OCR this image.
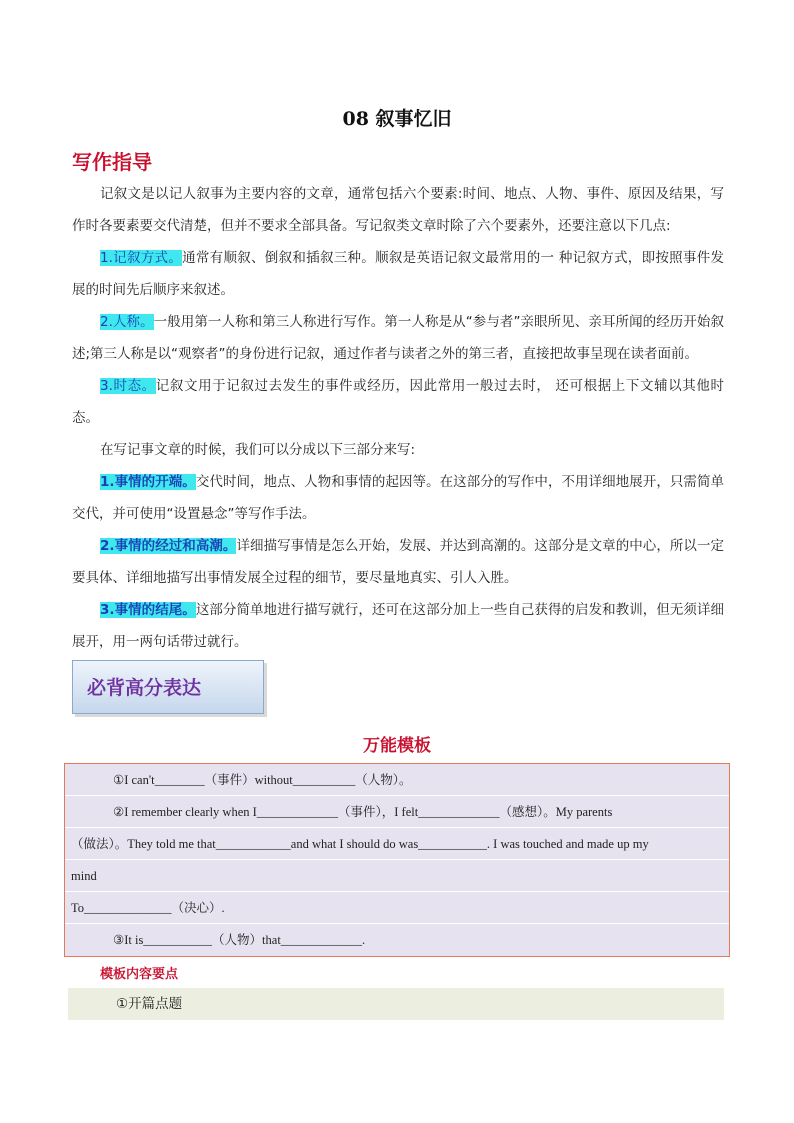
08 叙事忆旧
写作指导
记叙文是以记人叙事为主要内容的文章，通常包括六个要素:时间、地点、人物、事件、原因及结果，写作时各要素要交代清楚，但并不要求全部具备。写记叙类文章时除了六个要素外，还要注意以下几点:
1.记叙方式。通常有顺叙、倒叙和插叙三种。顺叙是英语记叙文最常用的一 种记叙方式，即按照事件发展的时间先后顺序来叙述。
2.人称。一般用第一人称和第三人称进行写作。第一人称是从“参与者”亲眼所见、亲耳所闻的经历开始叙述;第三人称是以“观察者”的身份进行记叙，通过作者与读者之外的第三者，直接把故事呈现在读者面前。
3.时态。记叙文用于记叙过去发生的事件或经历，因此常用一般过去时， 还可根据上下文辅以其他时态。
在写记事文章的时候，我们可以分成以下三部分来写:
1.事情的开端。交代时间，地点、人物和事情的起因等。在这部分的写作中，不用详细地展开，只需简单交代，并可使用“设置悬念”等写作手法。
2.事情的经过和高潮。详细描写事情是怎么开始，发展、并达到高潮的。这部分是文章的中心，所以一定要具体、详细地描写出事情发展全过程的细节，要尽量地真实、引人入胜。
3.事情的结尾。这部分简单地进行描写就行，还可在这部分加上一些自己获得的启发和教训，但无须详细展开，用一两句话带过就行。
必背高分表达
万能模板
①I can't________（事件）without__________（人物）。
②I remember clearly when I_____________（事件），I felt_____________（感想）。My parents
（做法）。They told me that____________and what I should do was___________. I was touched and made up my
mind
To______________（决心）.
③It is___________（人物）that_____________.
模板内容要点
①开篇点题
